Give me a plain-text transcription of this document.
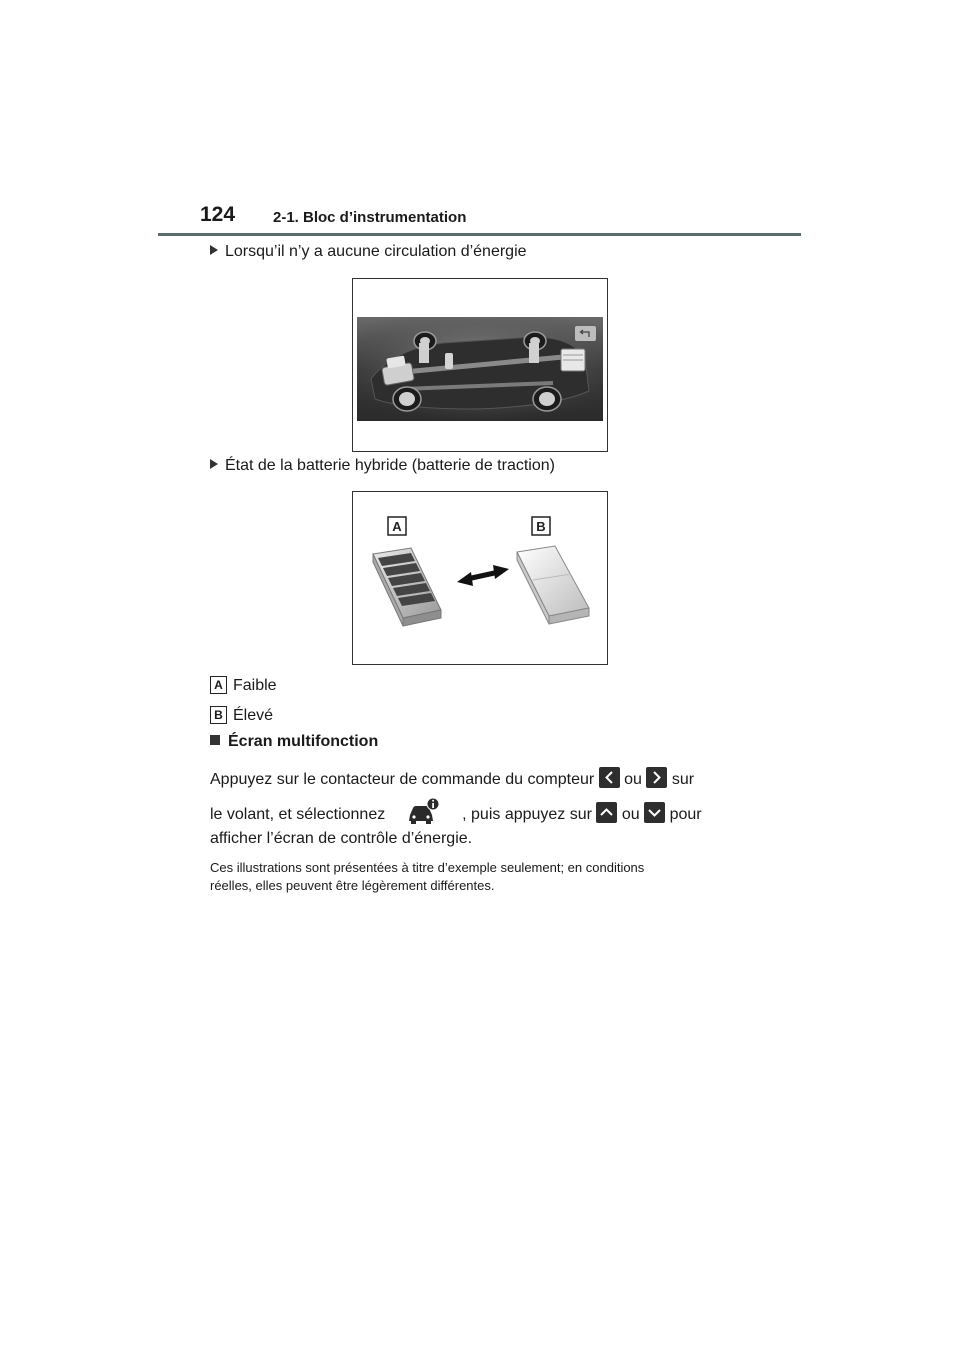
124	2-1. Bloc d’instrumentation
Lorsqu’il n’y a aucune circulation d’énergie
État de la batterie hybride (batterie de traction)
A	B
A Faible
B Élevé
Écran multifonction
Appuyez sur le contacteur de commande du compteur ou sur
le volant, et sélectionnez	, puis appuyez sur ou pour
afficher l’écran de contrôle d’énergie.
Ces illustrations sont présentées à titre d’exemple seulement; en conditions
réelles, elles peuvent être légèrement différentes.
